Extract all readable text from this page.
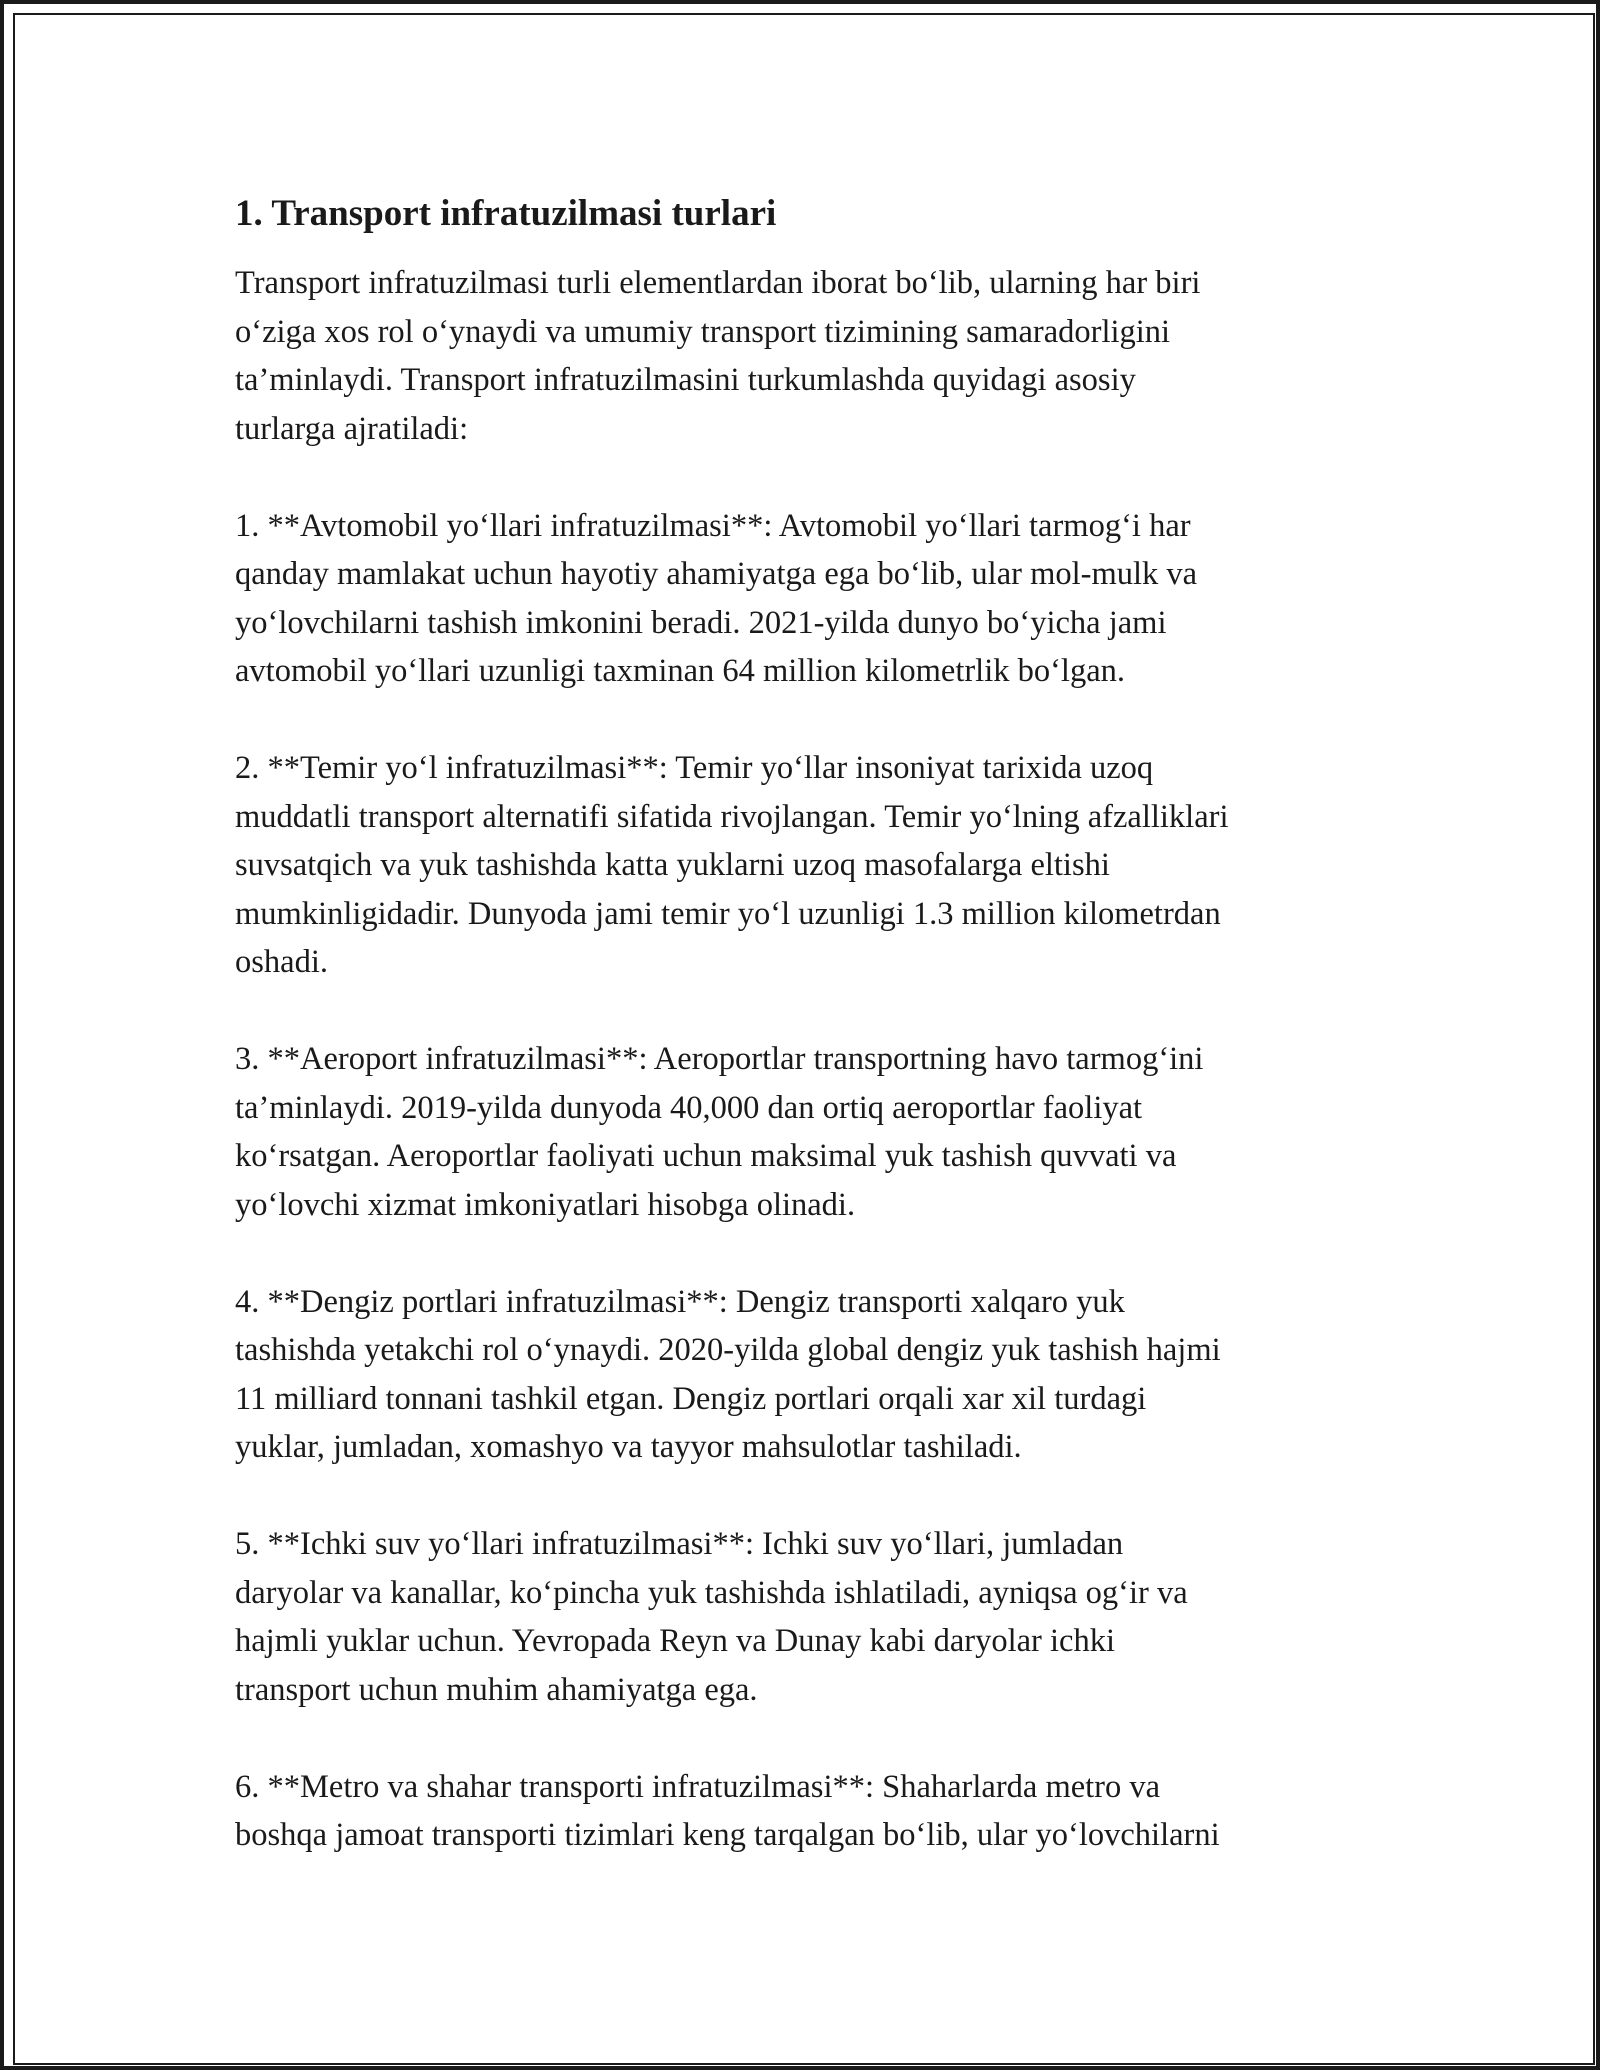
1. Transport infratuzilmasi turlari

Transport infratuzilmasi turli elementlardan iborat bo‘lib, ularning har biri
o‘ziga xos rol o‘ynaydi va umumiy transport tizimining samaradorligini
ta’minlaydi. Transport infratuzilmasini turkumlashda quyidagi asosiy
turlarga ajratiladi:

1. **Avtomobil yo‘llari infratuzilmasi**: Avtomobil yo‘llari tarmog‘i har
qanday mamlakat uchun hayotiy ahamiyatga ega bo‘lib, ular mol-mulk va
yo‘lovchilarni tashish imkonini beradi. 2021-yilda dunyo bo‘yicha jami
avtomobil yo‘llari uzunligi taxminan 64 million kilometrlik bo‘lgan.

2. **Temir yo‘l infratuzilmasi**: Temir yo‘llar insoniyat tarixida uzoq
muddatli transport alternatifi sifatida rivojlangan. Temir yo‘lning afzalliklari
suvsatqich va yuk tashishda katta yuklarni uzoq masofalarga eltishi
mumkinligidadir. Dunyoda jami temir yo‘l uzunligi 1.3 million kilometrdan
oshadi.

3. **Aeroport infratuzilmasi**: Aeroportlar transportning havo tarmog‘ini
ta’minlaydi. 2019-yilda dunyoda 40,000 dan ortiq aeroportlar faoliyat
ko‘rsatgan. Aeroportlar faoliyati uchun maksimal yuk tashish quvvati va
yo‘lovchi xizmat imkoniyatlari hisobga olinadi.

4. **Dengiz portlari infratuzilmasi**: Dengiz transporti xalqaro yuk
tashishda yetakchi rol o‘ynaydi. 2020-yilda global dengiz yuk tashish hajmi
11 milliard tonnani tashkil etgan. Dengiz portlari orqali xar xil turdagi
yuklar, jumladan, xomashyo va tayyor mahsulotlar tashiladi.

5. **Ichki suv yo‘llari infratuzilmasi**: Ichki suv yo‘llari, jumladan
daryolar va kanallar, ko‘pincha yuk tashishda ishlatiladi, ayniqsa og‘ir va
hajmli yuklar uchun. Yevropada Reyn va Dunay kabi daryolar ichki
transport uchun muhim ahamiyatga ega.

6. **Metro va shahar transporti infratuzilmasi**: Shaharlarda metro va
boshqa jamoat transporti tizimlari keng tarqalgan bo‘lib, ular yo‘lovchilarni
